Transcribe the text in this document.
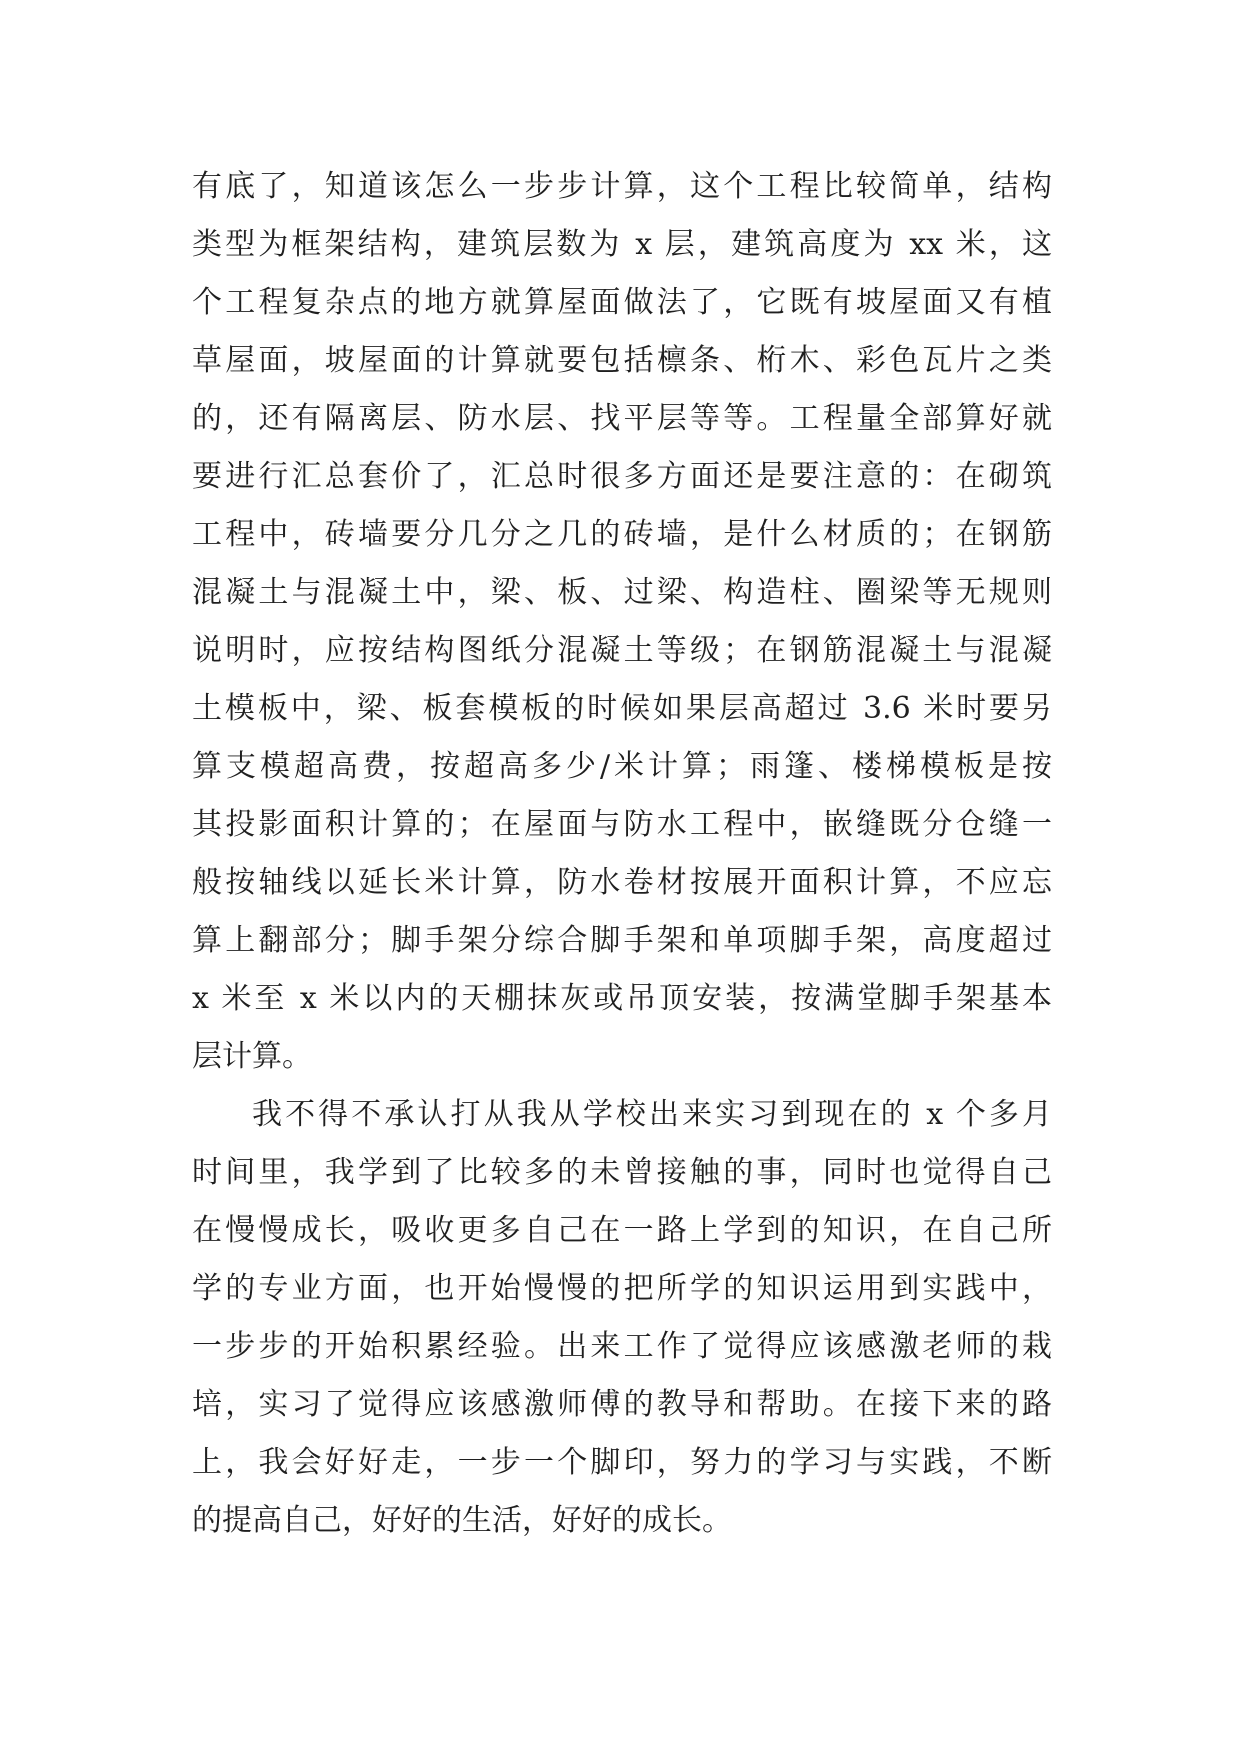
有底了，知道该怎么一步步计算，这个工程比较简单，结构
类型为框架结构，建筑层数为 x 层，建筑高度为 xx 米，这
个工程复杂点的地方就算屋面做法了，它既有坡屋面又有植
草屋面，坡屋面的计算就要包括檩条、桁木、彩色瓦片之类
的，还有隔离层、防水层、找平层等等。工程量全部算好就
要进行汇总套价了，汇总时很多方面还是要注意的：在砌筑
工程中，砖墙要分几分之几的砖墙，是什么材质的；在钢筋
混凝土与混凝土中，梁、板、过梁、构造柱、圈梁等无规则
说明时，应按结构图纸分混凝土等级；在钢筋混凝土与混凝
土模板中，梁、板套模板的时候如果层高超过 3.6 米时要另
算支模超高费，按超高多少/米计算；雨篷、楼梯模板是按
其投影面积计算的；在屋面与防水工程中，嵌缝既分仓缝一
般按轴线以延长米计算，防水卷材按展开面积计算，不应忘
算上翻部分；脚手架分综合脚手架和单项脚手架，高度超过
x 米至 x 米以内的天棚抹灰或吊顶安装，按满堂脚手架基本
层计算。
我不得不承认打从我从学校出来实习到现在的 x 个多月
时间里，我学到了比较多的未曾接触的事，同时也觉得自己
在慢慢成长，吸收更多自己在一路上学到的知识，在自己所
学的专业方面，也开始慢慢的把所学的知识运用到实践中，
一步步的开始积累经验。出来工作了觉得应该感激老师的栽
培，实习了觉得应该感激师傅的教导和帮助。在接下来的路
上，我会好好走，一步一个脚印，努力的学习与实践，不断
的提高自己，好好的生活，好好的成长。
